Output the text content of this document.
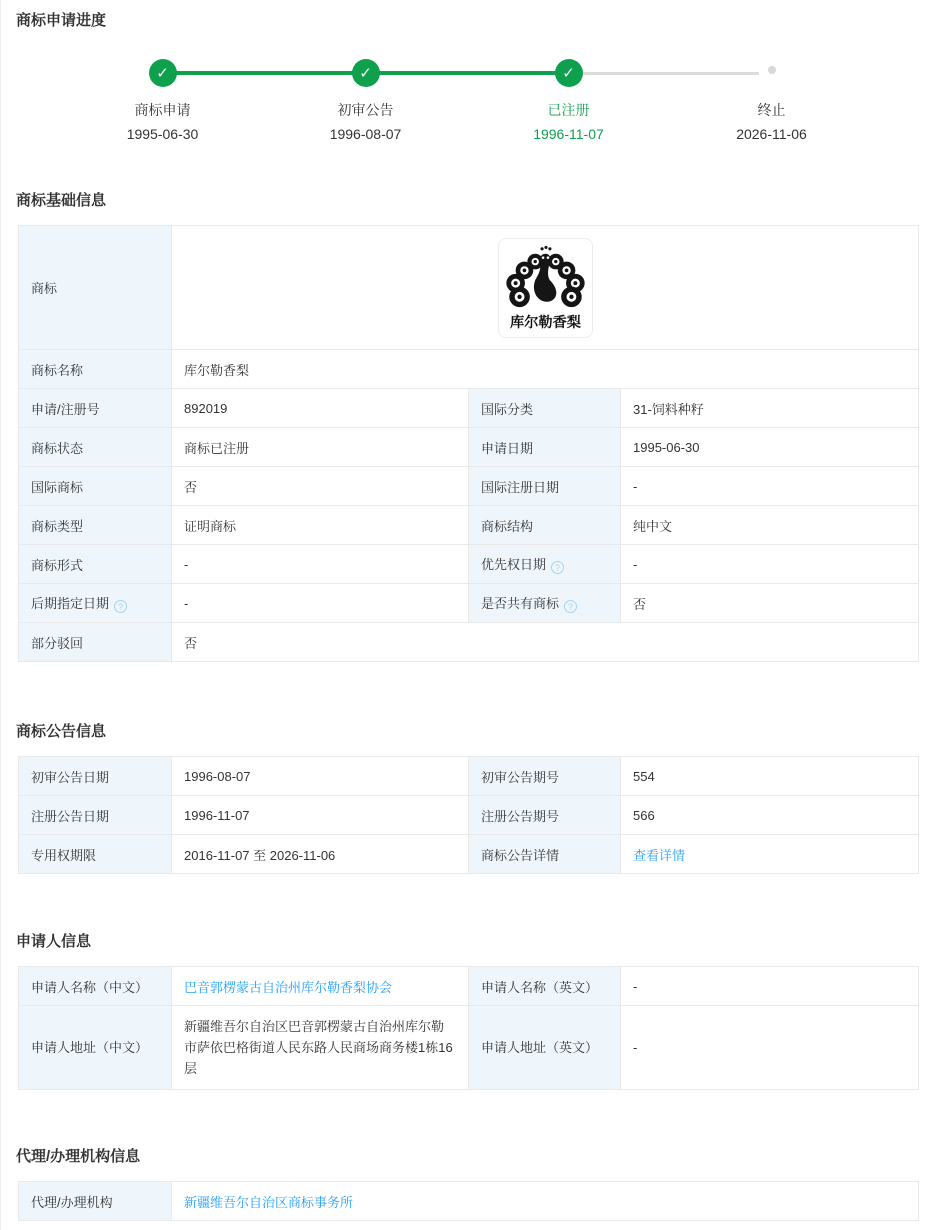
商标申请进度
✓
商标申请
1995-06-30
✓
初审公告
1996-08-07
✓
已注册
1996-11-07
终止
2026-11-06
商标基础信息
商标	库尔勒香梨		

商标名称	库尔勒香梨		
申请/注册号	892019	国际分类	31-饲料种籽
商标状态	商标已注册	申请日期	1995-06-30
国际商标	否	国际注册日期	-
商标类型	证明商标	商标结构	纯中文
商标形式	-	优先权日期 ?	-
后期指定日期 ?	-	是否共有商标 ?	否
部分驳回	否		
商标公告信息
初审公告日期	1996-08-07	初审公告期号	554
注册公告日期	1996-11-07	注册公告期号	566
专用权期限	2016-11-07 至 2026-11-06	商标公告详情	查看详情
申请人信息
申请人名称（中文）	巴音郭楞蒙古自治州库尔勒香梨协会	申请人名称（英文）	-
申请人地址（中文）	新疆维吾尔自治区巴音郭楞蒙古自治州库尔勒市萨依巴格街道人民东路人民商场商务楼1栋16层	申请人地址（英文）	-
代理/办理机构信息
代理/办理机构	新疆维吾尔自治区商标事务所
